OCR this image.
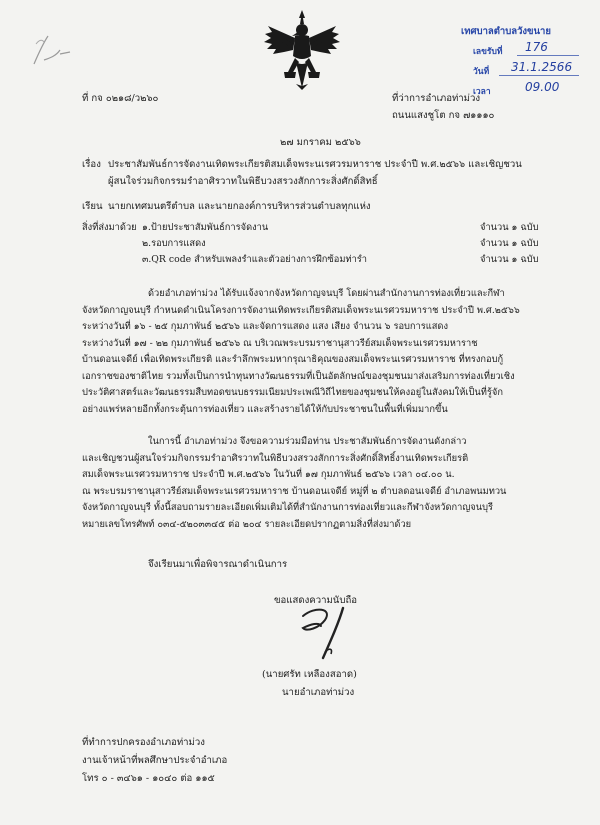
เทศบาลตำบลวังขนาย
เลขรับที่ 176
วันที่ 31.1.2566
เวลา	09.00
ที่ กจ ๐๒๑๘/ว๒๖๐	ที่ว่าการอำเภอท่าม่วง
ถนนแสงชูโต กจ ๗๑๑๑๐
๒๗ มกราคม ๒๕๖๖
เรื่อง ประชาสัมพันธ์การจัดงานเทิดพระเกียรติสมเด็จพระนเรศวรมหาราช ประจำปี พ.ศ.๒๕๖๖ และเชิญชวน
ผู้สนใจร่วมกิจกรรมรำอาศิรวาทในพิธีบวงสรวงสักการะสิ่งศักดิ์สิทธิ์
เรียน นายกเทศมนตรีตำบล และนายกองค์การบริหารส่วนตำบลทุกแห่ง
สิ่งที่ส่งมาด้วย ๑.ป้ายประชาสัมพันธ์การจัดงาน	จำนวน ๑ ฉบับ
๒.รอบการแสดง	จำนวน ๑ ฉบับ
๓.QR code สำหรับเพลงรำและตัวอย่างการฝึกซ้อมท่ารำ	จำนวน ๑ ฉบับ

ด้วยอำเภอท่าม่วง ได้รับแจ้งจากจังหวัดกาญจนบุรี โดยผ่านสำนักงานการท่องเที่ยวและกีฬา

จังหวัดกาญจนบุรี กำหนดดำเนินโครงการจัดงานเทิดพระเกียรติสมเด็จพระนเรศวรมหาราช ประจำปี พ.ศ.๒๕๖๖

ระหว่างวันที่ ๑๖ - ๒๕ กุมภาพันธ์ ๒๕๖๖ และจัดการแสดง แสง เสียง จำนวน ๖ รอบการแสดง

ระหว่างวันที่ ๑๗ - ๒๒ กุมภาพันธ์ ๒๕๖๖ ณ บริเวณพระบรมราชานุสาวรีย์สมเด็จพระนเรศวรมหาราช

บ้านดอนเจดีย์ เพื่อเทิดพระเกียรติ และรำลึกพระมหากรุณาธิคุณของสมเด็จพระนเรศวรมหาราช ที่ทรงกอบกู้

เอกราชของชาติไทย รวมทั้งเป็นการนำทุนทางวัฒนธรรมที่เป็นอัตลักษณ์ของชุมชนมาส่งเสริมการท่องเที่ยวเชิง

ประวัติศาสตร์และวัฒนธรรมสืบทอดขนบธรรมเนียมประเพณีวิถีไทยของชุมชนให้คงอยู่ในสังคมให้เป็นที่รู้จัก

อย่างแพร่หลายอีกทั้งกระตุ้นการท่องเที่ยว และสร้างรายได้ให้กับประชาชนในพื้นที่เพิ่มมากขึ้น

ในการนี้ อำเภอท่าม่วง จึงขอความร่วมมือท่าน ประชาสัมพันธ์การจัดงานดังกล่าว

และเชิญชวนผู้สนใจร่วมกิจกรรมรำอาศิรวาทในพิธีบวงสรวงสักการะสิ่งศักดิ์สิทธิ์งานเทิดพระเกียรติ

สมเด็จพระนเรศวรมหาราช ประจำปี พ.ศ.๒๕๖๖ ในวันที่ ๑๗ กุมภาพันธ์ ๒๕๖๖ เวลา ๐๔.๐๐ น.

ณ พระบรมราชานุสาวรีย์สมเด็จพระนเรศวรมหาราช บ้านดอนเจดีย์ หมู่ที่ ๒ ตำบลดอนเจดีย์ อำเภอพนมทวน

จังหวัดกาญจนบุรี ทั้งนี้สอบถามรายละเอียดเพิ่มเติมได้ที่สำนักงานการท่องเที่ยวและกีฬาจังหวัดกาญจนบุรี

หมายเลขโทรศัพท์ ๐๓๔-๕๒๐๓๓๔๕ ต่อ ๒๐๔ รายละเอียดปรากฏตามสิ่งที่ส่งมาด้วย

จึงเรียนมาเพื่อพิจารณาดำเนินการ
ขอแสดงความนับถือ
(นายศรัท เหลืองสอาด)
นายอำเภอท่าม่วง
ที่ทำการปกครองอำเภอท่าม่วง
งานเจ้าหน้าที่พลศึกษาประจำอำเภอ
โทร ๐ - ๓๔๖๑ - ๑๐๔๐ ต่อ ๑๑๕
